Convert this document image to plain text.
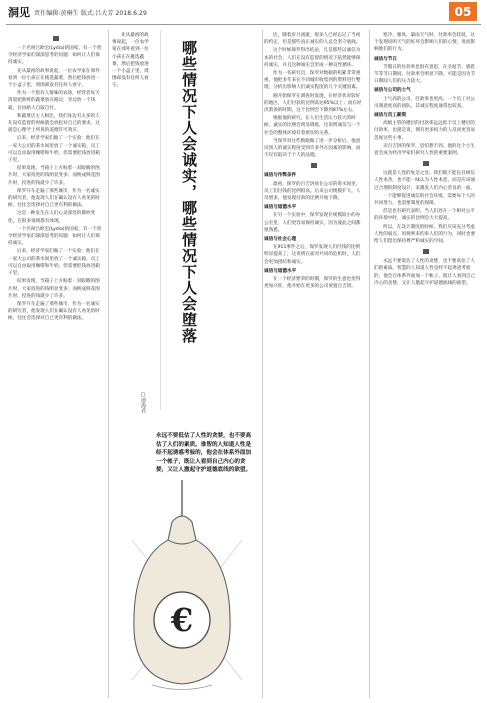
洞见 责任编辑:黄桐生 版式:吕大芳 2018.6.29	05

一个名叫吕欧宏(Lydia)的国家，有一个曾令经济学家们深深思考的问题：如何让人们保持诚实。

先从最初的故事说起，一位农学家在郊外看到一位小孩正在挑选蔬菜，然后把钱放进一个小盒子里，周围却没有任何人看守。

作为一个很有人情味的农场，经营者每天清晨把新鲜的蔬菜放在路边，旁边放一个钱箱，任由路人自取自付。

和蔬菜店主人相比，我们身边有太多的人在没有监督的时候就会放松对自己的要求，这就是心理学上所说的道德许可效应。

后来，经济学家们做了一个实验：他们在一家大公司的茶水间里放了一个诚实箱，员工可以自由取用咖啡和牛奶，但需要把钱放进箱子里。

结果发现，当箱子上方贴着一双眼睛的图片时，大家投进的钱明显变多；而换成鲜花图片时，投进的钱就少了许多。

保罗开车走遍了那些城市，作为一名诚实的研究者，他发现人们在确认没有人看见的时候，往往会选择对自己更有利的做法。

这是一种发生在人们心灵深处的微妙变化，在很多领域都有体现。

一个名叫吕欧宏(Lydia)的国家，有一个曾令经济学家们深深思考的问题：如何让人们保持诚实。

后来，经济学家们做了一个实验：他们在一家大公司的茶水间里放了一个诚实箱，员工可以自由取用咖啡和牛奶，但需要把钱放进箱子里。

结果发现，当箱子上方贴着一双眼睛的图片时，大家投进的钱明显变多；而换成鲜花图片时，投进的钱就少了许多。

保罗开车走遍了那些城市，作为一名诚实的研究者，他发现人们在确认没有人看见的时候，往往会选择对自己更有利的做法。	哪些情况下人会诚实，哪些情况下人会堕落
□谭海君

先从最初的故事说起，一位农学家在郊外看到一位小孩正在挑选蔬菜，然后把钱放进一个小盒子里，周围却没有任何人看守。

永远不要低估了人性的贪婪，也不要高估了人们的素质。谁智的人知道人性是经不起诱惑考验的，他会在体系外面加一个帐子，既让人看到自己内心的贪婪，又让人激起守护道德底线的欲望。
€

比，随着岁月流逝，很多人已经忘记了当初的约定，但是那些真正诚实的人总会坚守底线。

这个时候保罗得出结论，凡是那些以诚信为本的社会，人们在没有监督的情况下依然能够保持诚实，并且这种诚实会形成一种良性循环。

作为一名研究员，保罗对数据的积累非常重视，他把多年来在不同城市收集到的资料进行整理，分析出影响人们诚实程度的几个关键因素。

刚开始保罗在调查时发现，在经济状况较好的地区，人们付款的比例高达95%以上；而在经济萧条的时期，这个比例会下降到87%左右。

根据他的研究，在人们生活压力较大的时候，诚实的比例会明显降低，这说明诚信与一个社会的整体环境有着密切的关系。

当保罗对这些数据做了进一步分析后，他意识到人的诚实程度受到许多外在因素的影响，而不仅仅取决于个人的品德。

诚信与作弊条件

最初，保罗的百吉饼放在公司的茶水间里，员工们付钱的比例很高。后来公司规模扩大，人员增多，他发现付款的比例开始下降。

诚信与道德水平

在另一个实验中，保罗发现在规模较小的办公室里，人们更容易保持诚实，因为彼此之间都很熟悉。

诚信与社会心理

在911事件之后，保罗发现人们付钱的比例明显提高了，这说明在面对共同的危机时，人们会更加团结和诚实。

诚信与道德水平

在一个经济繁荣的时期，保罗的生意也变得更加兴旺，他开始在更多的公司放置百吉饼。

寒冷、强风、暴雨天气时，付款率会较低，这个发现说明天气的好坏会影响人们的心情，进而影响他们的行为。

诚信与节日

节假日的付款率也很有意思，在圣诞节、感恩节等节日期间，付款率会明显下降，可能是因为节日期间人们的压力较大。

诚信与公司的士气

士气高的公司，付款率也更高，一个员工对公司满意度高的团队，其诚实程度通常也较高。

诚信与员工薪资

高级主管的楼层的付款率远远低于员工楼层的付款率，也就是说，拥有更多权力的人反而更容易忽视这些小事。

卖百吉饼的保罗，恐怕想不到，他的这个小生意会成为经济学家们研究人性的重要案例。

这就是人性的复杂之处。我们既不能盲目相信人性本善，也不能一味认为人性本恶，而是应该通过合理的制度设计，来激发人们内心善良的一面。

一个能够促进诚信的社会环境，需要每个人的共同努力，也需要制度的保障。

但是也有研究表明，当人们处在一个相对公平的环境中时，诚实的比例会大大提高。

所以，在设计制度的时候，我们应该充分考虑人性的弱点，用规则来约束人们的行为，同时也要给人们留出保持尊严和诚实的空间。

永远不要低估了人性的贪婪，也不要高估了人们的素质。智慧的人知道人性是经不起诱惑考验的，他会在体系外面加一个帐子，既让人看到自己内心的贪婪，又让人激起守护道德底线的欲望。
